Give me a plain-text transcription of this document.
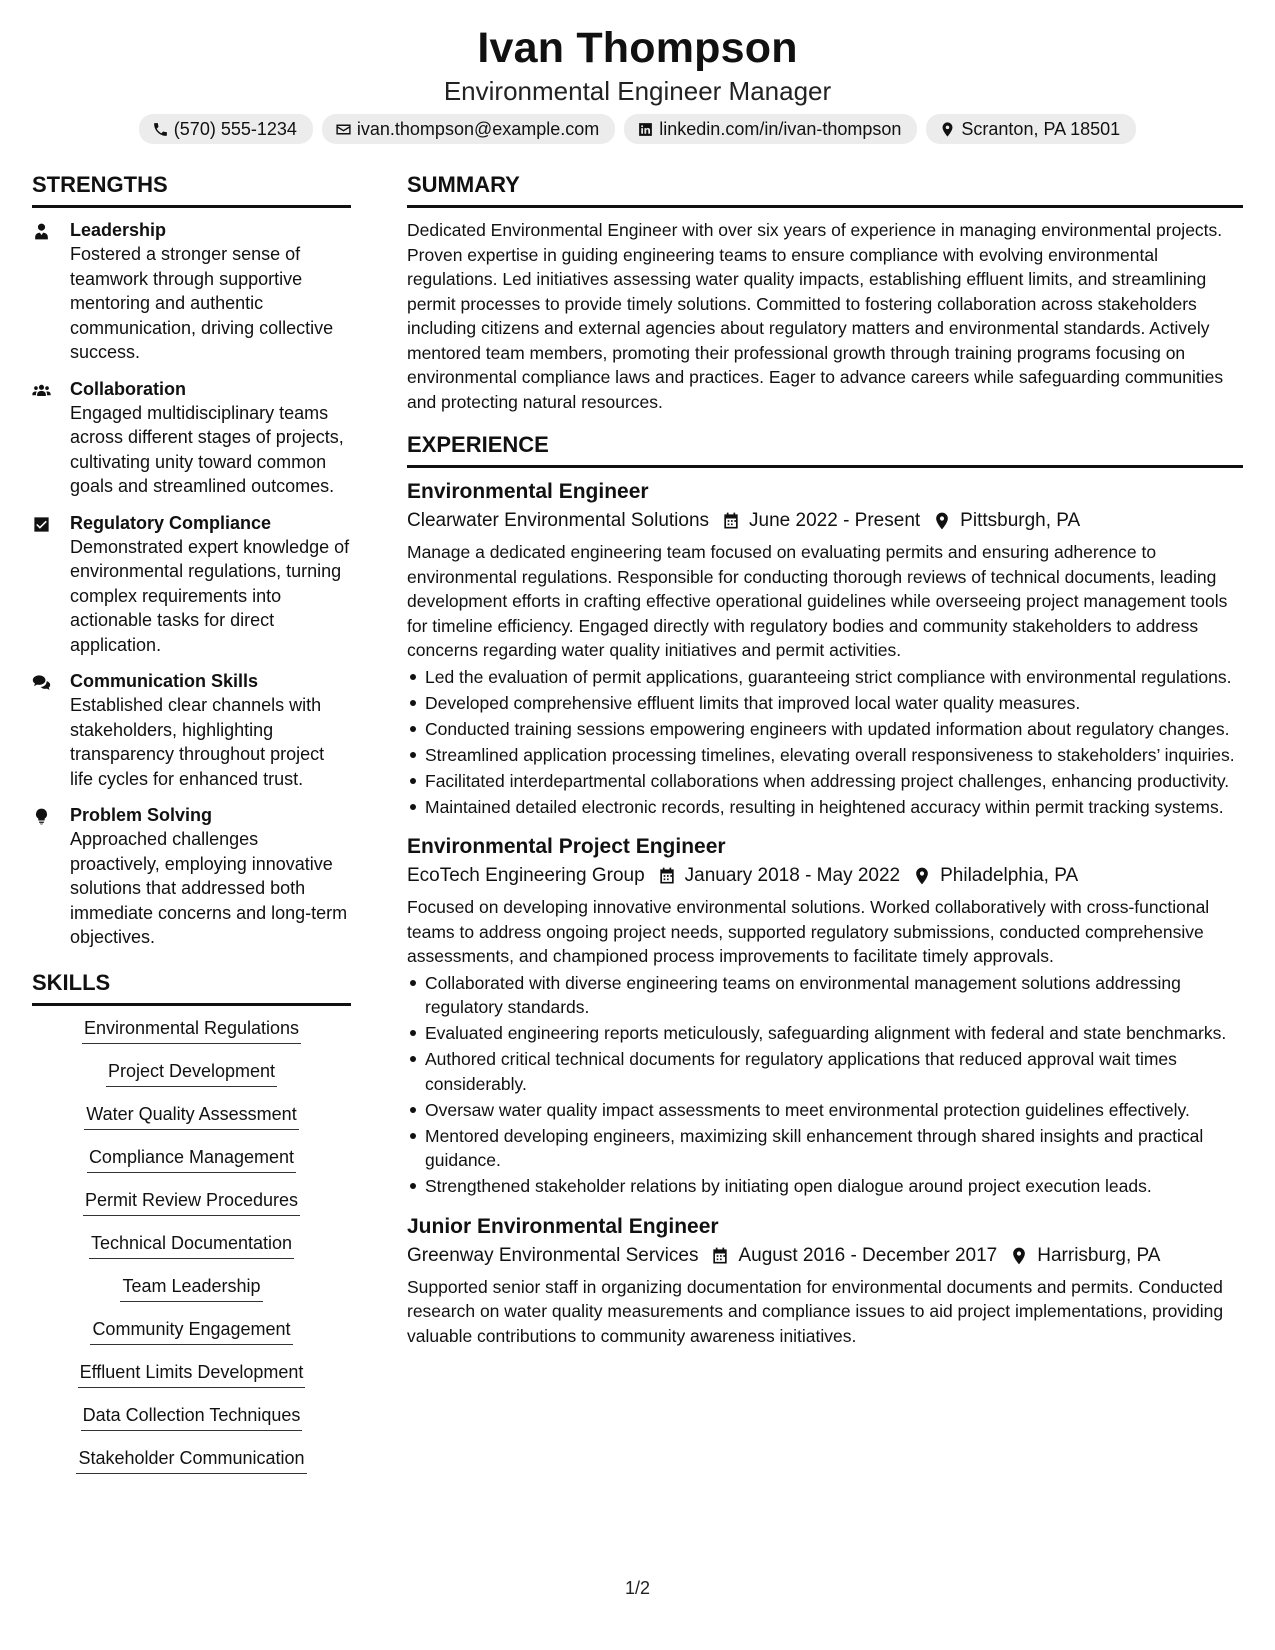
Ivan Thompson
Environmental Engineer Manager
(570) 555-1234	ivan.thompson@example.com	linkedin.com/in/ivan-thompson	Scranton, PA 18501
STRENGTHS
Leadership
Fostered a stronger sense of teamwork through supportive mentoring and authentic communication, driving collective success.
Collaboration
Engaged multidisciplinary teams across different stages of projects, cultivating unity toward common goals and streamlined outcomes.
Regulatory Compliance
Demonstrated expert knowledge of environmental regulations, turning complex requirements into actionable tasks for direct application.
Communication Skills
Established clear channels with stakeholders, highlighting transparency throughout project life cycles for enhanced trust.
Problem Solving
Approached challenges proactively, employing innovative solutions that addressed both immediate concerns and long-term objectives.
SKILLS
Environmental Regulations
Project Development
Water Quality Assessment
Compliance Management
Permit Review Procedures
Technical Documentation
Team Leadership
Community Engagement
Effluent Limits Development
Data Collection Techniques
Stakeholder Communication
SUMMARY
Dedicated Environmental Engineer with over six years of experience in managing environmental projects. Proven expertise in guiding engineering teams to ensure compliance with evolving environmental regulations. Led initiatives assessing water quality impacts, establishing effluent limits, and streamlining permit processes to provide timely solutions. Committed to fostering collaboration across stakeholders including citizens and external agencies about regulatory matters and environmental standards. Actively mentored team members, promoting their professional growth through training programs focusing on environmental compliance laws and practices. Eager to advance careers while safeguarding communities and protecting natural resources.
EXPERIENCE
Environmental Engineer
Clearwater Environmental Solutions June 2022 - Present Pittsburgh, PA
Manage a dedicated engineering team focused on evaluating permits and ensuring adherence to environmental regulations. Responsible for conducting thorough reviews of technical documents, leading development efforts in crafting effective operational guidelines while overseeing project management tools for timeline efficiency. Engaged directly with regulatory bodies and community stakeholders to address concerns regarding water quality initiatives and permit activities.
Led the evaluation of permit applications, guaranteeing strict compliance with environmental regulations.
Developed comprehensive effluent limits that improved local water quality measures.
Conducted training sessions empowering engineers with updated information about regulatory changes.
Streamlined application processing timelines, elevating overall responsiveness to stakeholders’ inquiries.
Facilitated interdepartmental collaborations when addressing project challenges, enhancing productivity.
Maintained detailed electronic records, resulting in heightened accuracy within permit tracking systems.
Environmental Project Engineer
EcoTech Engineering Group January 2018 - May 2022 Philadelphia, PA
Focused on developing innovative environmental solutions. Worked collaboratively with cross-functional teams to address ongoing project needs, supported regulatory submissions, conducted comprehensive assessments, and championed process improvements to facilitate timely approvals.
Collaborated with diverse engineering teams on environmental management solutions addressing regulatory standards.
Evaluated engineering reports meticulously, safeguarding alignment with federal and state benchmarks.
Authored critical technical documents for regulatory applications that reduced approval wait times considerably.
Oversaw water quality impact assessments to meet environmental protection guidelines effectively.
Mentored developing engineers, maximizing skill enhancement through shared insights and practical guidance.
Strengthened stakeholder relations by initiating open dialogue around project execution leads.
Junior Environmental Engineer
Greenway Environmental Services August 2016 - December 2017 Harrisburg, PA
Supported senior staff in organizing documentation for environmental documents and permits. Conducted research on water quality measurements and compliance issues to aid project implementations, providing valuable contributions to community awareness initiatives.
1/2
